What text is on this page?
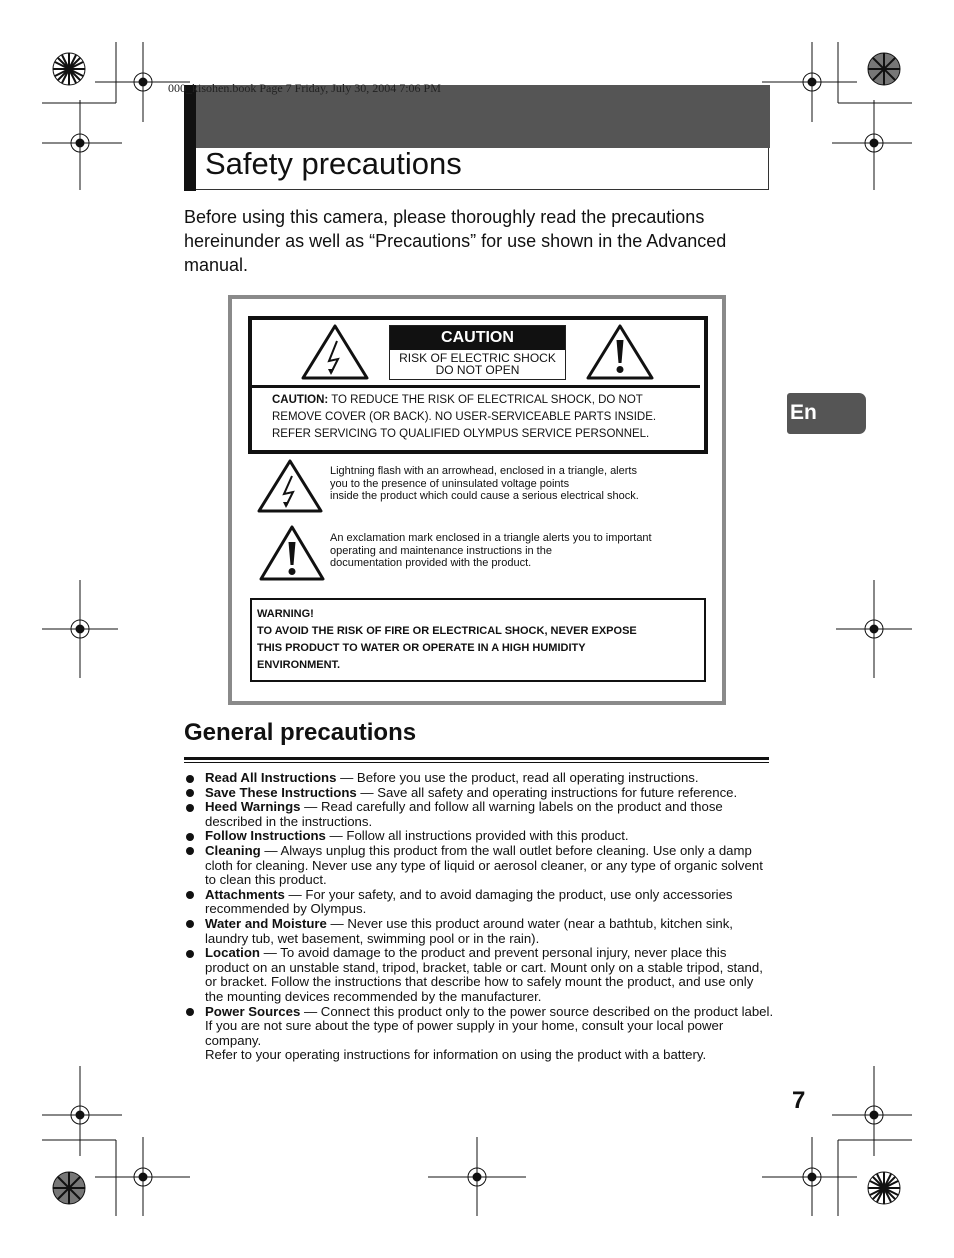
000_kisohen.book Page 7 Friday, July 30, 2004 7:06 PM
Safety precautions
Before using this camera, please thoroughly read the precautions hereinunder as well as “Precautions” for use shown in the Advanced manual.
En
CAUTION
RISK OF ELECTRIC SHOCK
DO NOT OPEN
CAUTION: TO REDUCE THE RISK OF ELECTRICAL SHOCK, DO NOT
REMOVE COVER (OR BACK). NO USER-SERVICEABLE PARTS INSIDE.
REFER SERVICING TO QUALIFIED OLYMPUS SERVICE PERSONNEL.
Lightning flash with an arrowhead, enclosed in a triangle, alerts
you to the presence of uninsulated voltage points
inside the product which could cause a serious electrical shock.
An exclamation mark enclosed in a triangle alerts you to important
operating and maintenance instructions in the
documentation provided with the product.
WARNING!
TO AVOID THE RISK OF FIRE OR ELECTRICAL SHOCK, NEVER EXPOSE
THIS PRODUCT TO WATER OR OPERATE IN A HIGH HUMIDITY
ENVIRONMENT.
General precautions
Read All Instructions — Before you use the product, read all operating instructions.
Save These Instructions — Save all safety and operating instructions for future reference.
Heed Warnings — Read carefully and follow all warning labels on the product and those described in the instructions.
Follow Instructions — Follow all instructions provided with this product.
Cleaning — Always unplug this product from the wall outlet before cleaning. Use only a damp cloth for cleaning. Never use any type of liquid or aerosol cleaner, or any type of organic solvent to clean this product.
Attachments — For your safety, and to avoid damaging the product, use only accessories recommended by Olympus.
Water and Moisture — Never use this product around water (near a bathtub, kitchen sink, laundry tub, wet basement, swimming pool or in the rain).
Location — To avoid damage to the product and prevent personal injury, never place this product on an unstable stand, tripod, bracket, table or cart. Mount only on a stable tripod, stand, or bracket. Follow the instructions that describe how to safely mount the product, and use only the mounting devices recommended by the manufacturer.
Power Sources — Connect this product only to the power source described on the product label. If you are not sure about the type of power supply in your home, consult your local power company.
Refer to your operating instructions for information on using the product with a battery.
7
